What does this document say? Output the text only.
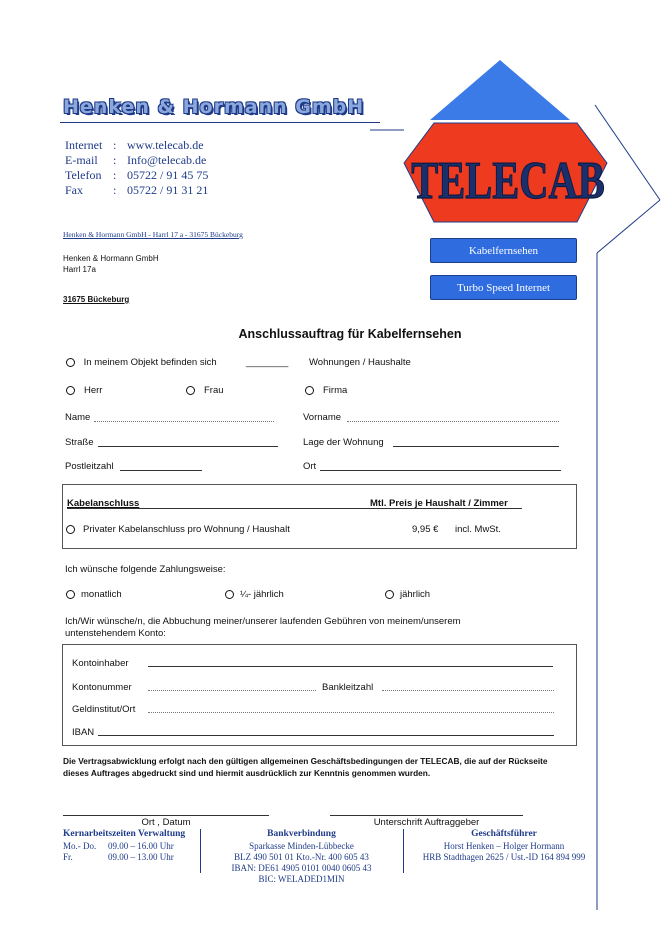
Henken & Hormann GmbH
Internet : www.telecab.de
E-mail	: Info@telecab.de
Telefon : 05722 / 91 45 75
Fax	: 05722 / 91 31 21	TELECAB
Henken & Hormann GmbH - Harrl 17 a - 31675 Bückeburg
Henken & Hormann GmbH
Harrl 17a
31675 Bückeburg
Kabelfernsehen
Turbo Speed Internet
Anschlussauftrag für Kabelfernsehen
In meinem Objekt befinden sich	________ Wohnungen / Haushalte
Herr	Frau	Firma
Name	Vorname
Straße	Lage der Wohnung
Postleitzahl	Ort
Kabelanschluss	Mtl. Preis je Haushalt / Zimmer
Privater Kabelanschluss pro Wohnung / Haushalt	9,95 € incl. MwSt.
Ich wünsche folgende Zahlungsweise:
monatlich	¼- jährlich	jährlich
Ich/Wir wünsche/n, die Abbuchung meiner/unserer laufenden Gebühren von meinem/unserem
untenstehendem Konto:
Kontoinhaber
Kontonummer	Bankleitzahl
Geldinstitut/Ort
IBAN
Die Vertragsabwicklung erfolgt nach den gültigen allgemeinen Geschäftsbedingungen der TELECAB, die auf der Rückseite
dieses Auftrages abgedruckt sind und hiermit ausdrücklich zur Kenntnis genommen wurden.
Ort , Datum	Unterschrift Auftraggeber
Kernarbeitszeiten Verwaltung
Mo.- Do. 09.00 – 16.00 Uhr
Fr.	09.00 – 13.00 Uhr
Bankverbindung
Sparkasse Minden-Lübbecke
BLZ 490 501 01 Kto.-Nr. 400 605 43
IBAN: DE61 4905 0101 0040 0605 43
BIC: WELADED1MIN
Geschäftsführer
Horst Henken – Holger Hormann
HRB Stadthagen 2625 / Ust.-ID 164 894 999
